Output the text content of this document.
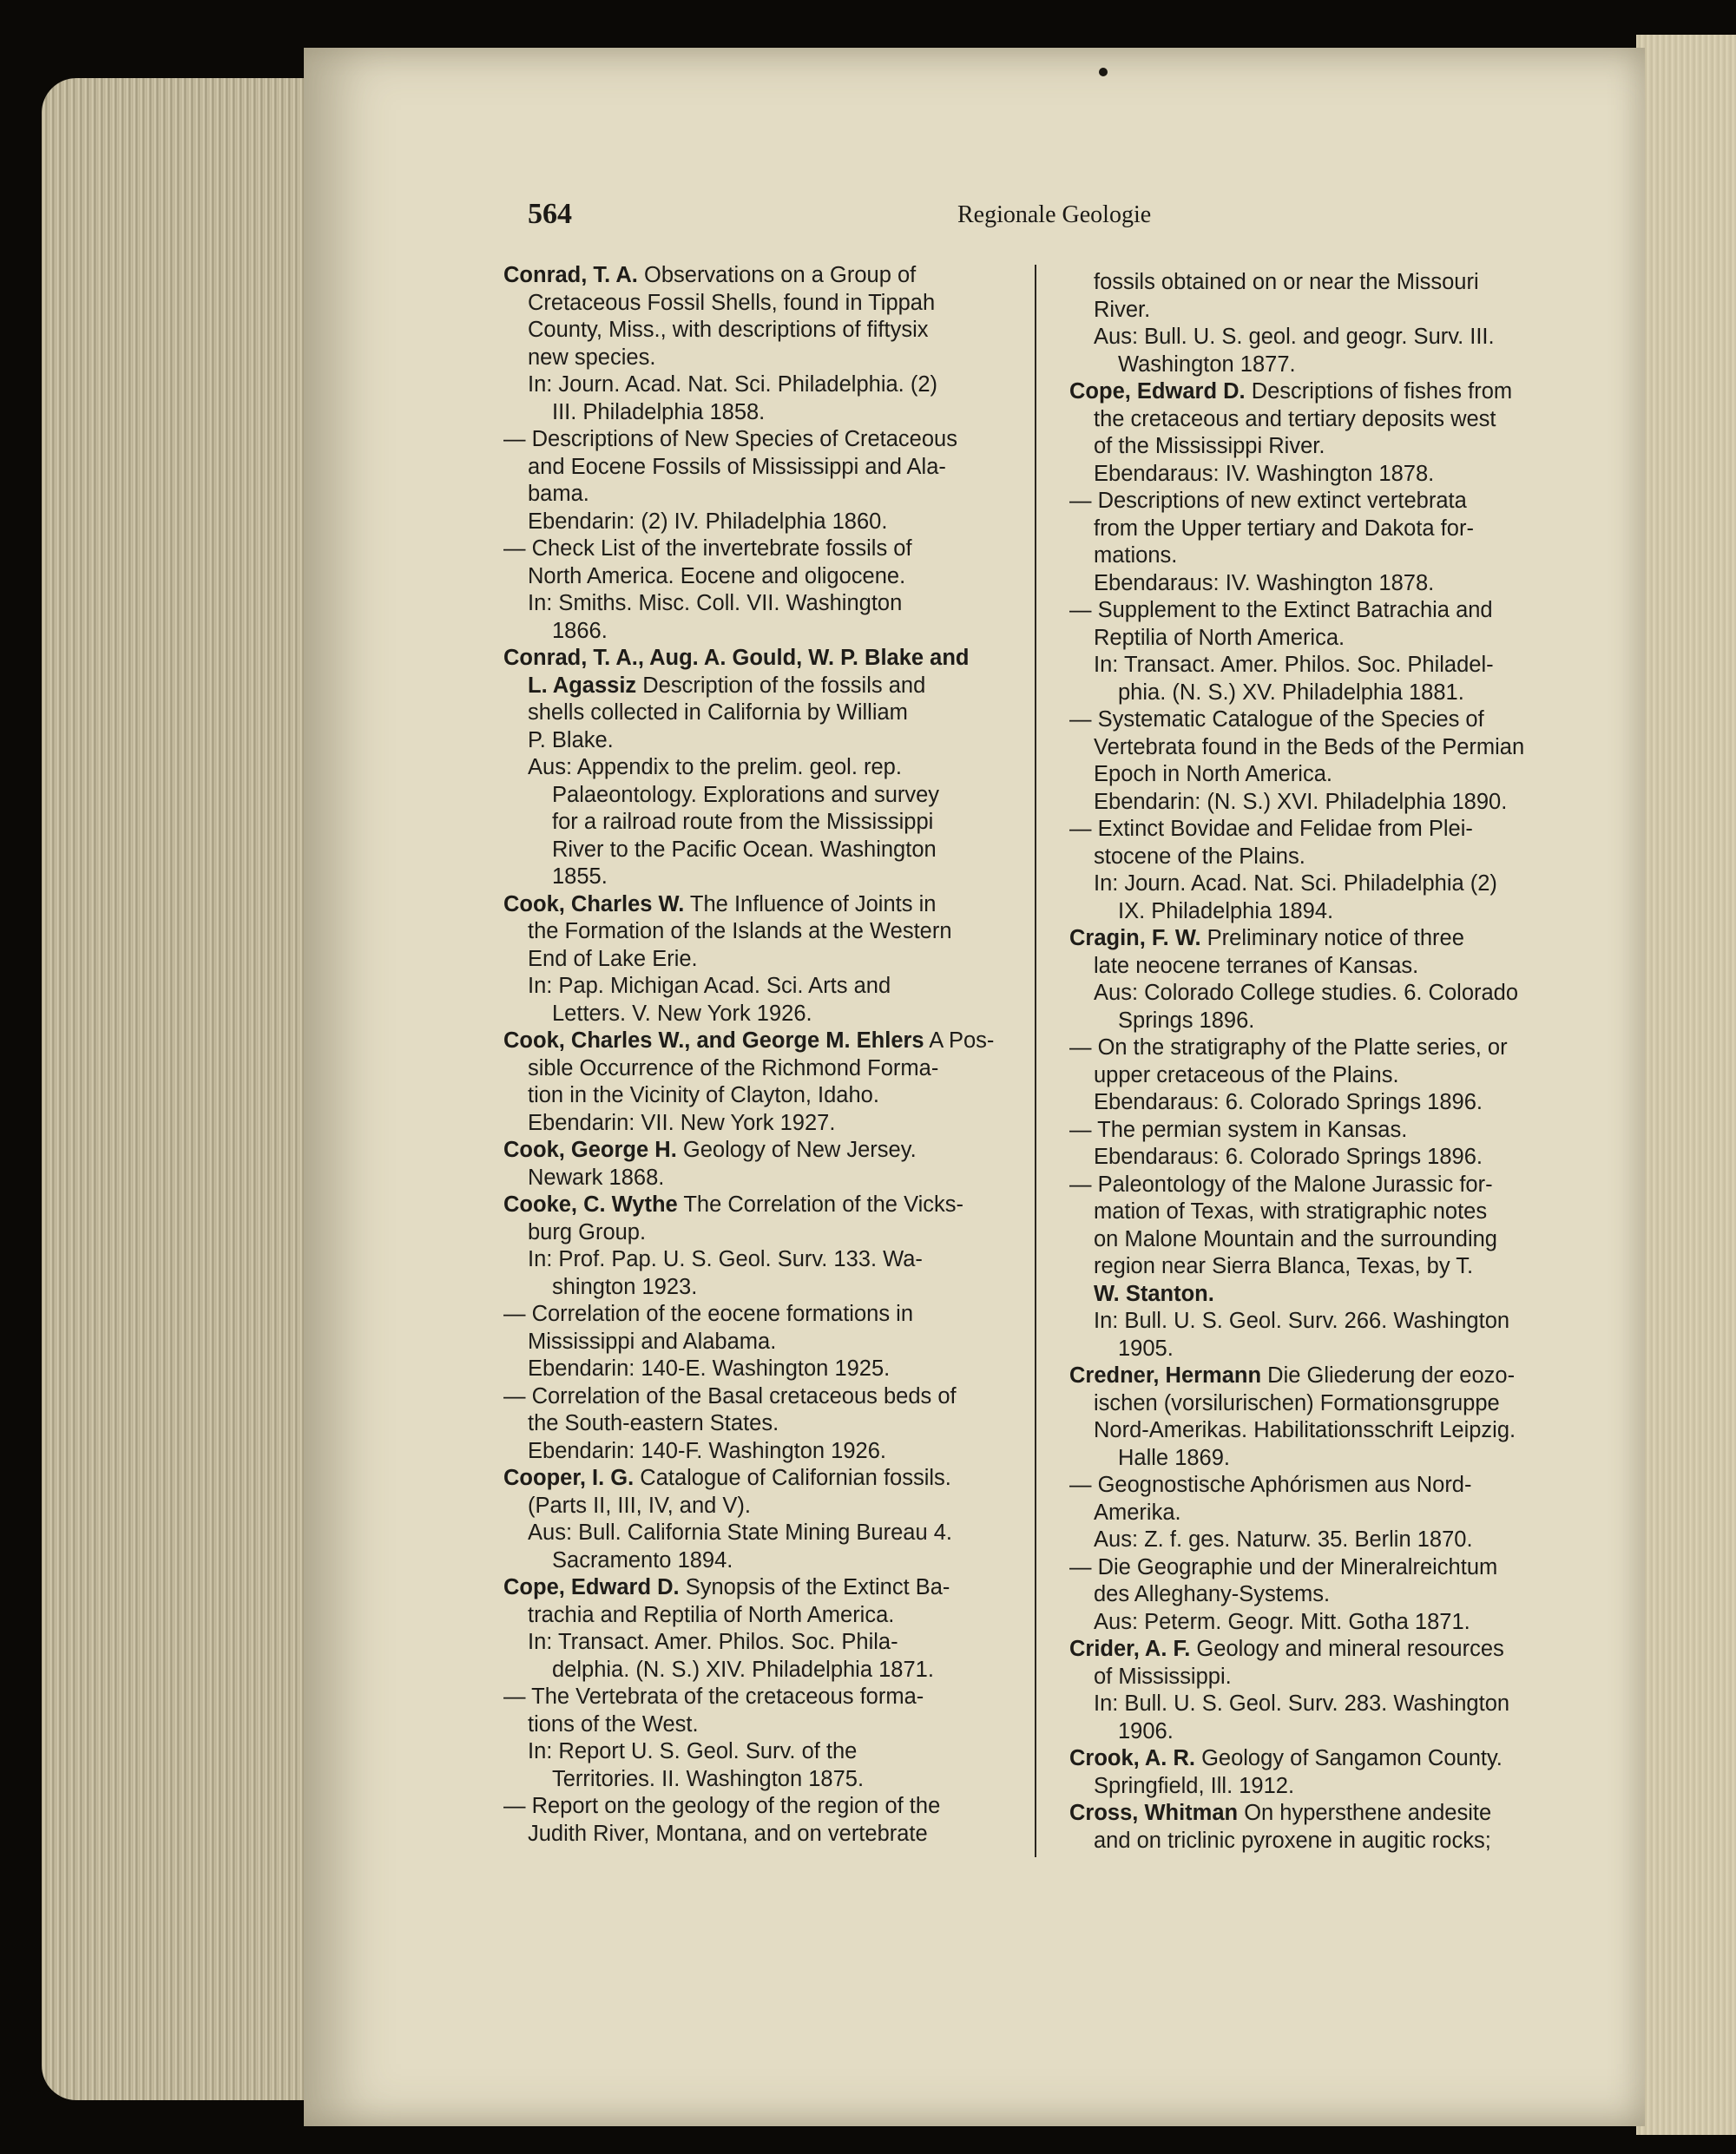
564	Regionale Geologie
Conrad, T. A. Observations on a Group of
Cretaceous Fossil Shells, found in Tippah
County, Miss., with descriptions of fiftysix
new species.
In: Journ. Acad. Nat. Sci. Philadelphia. (2)
III. Philadelphia 1858.
— Descriptions of New Species of Cretaceous
and Eocene Fossils of Mississippi and Ala-
bama.
Ebendarin: (2) IV. Philadelphia 1860.
— Check List of the invertebrate fossils of
North America. Eocene and oligocene.
In: Smiths. Misc. Coll. VII. Washington
1866.
Conrad, T. A., Aug. A. Gould, W. P. Blake and
L. Agassiz Description of the fossils and
shells collected in California by William
P. Blake.
Aus: Appendix to the prelim. geol. rep.
Palaeontology. Explorations and survey
for a railroad route from the Mississippi
River to the Pacific Ocean. Washington
1855.
Cook, Charles W. The Influence of Joints in
the Formation of the Islands at the Western
End of Lake Erie.
In: Pap. Michigan Acad. Sci. Arts and
Letters. V. New York 1926.
Cook, Charles W., and George M. Ehlers A Pos-
sible Occurrence of the Richmond Forma-
tion in the Vicinity of Clayton, Idaho.
Ebendarin: VII. New York 1927.
Cook, George H. Geology of New Jersey.
Newark 1868.
Cooke, C. Wythe The Correlation of the Vicks-
burg Group.
In: Prof. Pap. U. S. Geol. Surv. 133. Wa-
shington 1923.
— Correlation of the eocene formations in
Mississippi and Alabama.
Ebendarin: 140-E. Washington 1925.
— Correlation of the Basal cretaceous beds of
the South-eastern States.
Ebendarin: 140-F. Washington 1926.
Cooper, I. G. Catalogue of Californian fossils.
(Parts II, III, IV, and V).
Aus: Bull. California State Mining Bureau 4.
Sacramento 1894.
Cope, Edward D. Synopsis of the Extinct Ba-
trachia and Reptilia of North America.
In: Transact. Amer. Philos. Soc. Phila-
delphia. (N. S.) XIV. Philadelphia 1871.
— The Vertebrata of the cretaceous forma-
tions of the West.
In: Report U. S. Geol. Surv. of the
Territories. II. Washington 1875.
— Report on the geology of the region of the
Judith River, Montana, and on vertebrate
fossils obtained on or near the Missouri
River.
Aus: Bull. U. S. geol. and geogr. Surv. III.
Washington 1877.
Cope, Edward D. Descriptions of fishes from
the cretaceous and tertiary deposits west
of the Mississippi River.
Ebendaraus: IV. Washington 1878.
— Descriptions of new extinct vertebrata
from the Upper tertiary and Dakota for-
mations.
Ebendaraus: IV. Washington 1878.
— Supplement to the Extinct Batrachia and
Reptilia of North America.
In: Transact. Amer. Philos. Soc. Philadel-
phia. (N. S.) XV. Philadelphia 1881.
— Systematic Catalogue of the Species of
Vertebrata found in the Beds of the Permian
Epoch in North America.
Ebendarin: (N. S.) XVI. Philadelphia 1890.
— Extinct Bovidae and Felidae from Plei-
stocene of the Plains.
In: Journ. Acad. Nat. Sci. Philadelphia (2)
IX. Philadelphia 1894.
Cragin, F. W. Preliminary notice of three
late neocene terranes of Kansas.
Aus: Colorado College studies. 6. Colorado
Springs 1896.
— On the stratigraphy of the Platte series, or
upper cretaceous of the Plains.
Ebendaraus: 6. Colorado Springs 1896.
— The permian system in Kansas.
Ebendaraus: 6. Colorado Springs 1896.
— Paleontology of the Malone Jurassic for-
mation of Texas, with stratigraphic notes
on Malone Mountain and the surrounding
region near Sierra Blanca, Texas, by T.
W. Stanton.
In: Bull. U. S. Geol. Surv. 266. Washington
1905.
Credner, Hermann Die Gliederung der eozo-
ischen (vorsilurischen) Formationsgruppe
Nord-Amerikas. Habilitationsschrift Leipzig.
Halle 1869.
— Geognostische Aphórismen aus Nord-
Amerika.
Aus: Z. f. ges. Naturw. 35. Berlin 1870.
— Die Geographie und der Mineralreichtum
des Alleghany-Systems.
Aus: Peterm. Geogr. Mitt. Gotha 1871.
Crider, A. F. Geology and mineral resources
of Mississippi.
In: Bull. U. S. Geol. Surv. 283. Washington
1906.
Crook, A. R. Geology of Sangamon County.
Springfield, Ill. 1912.
Cross, Whitman On hypersthene andesite
and on triclinic pyroxene in augitic rocks;
